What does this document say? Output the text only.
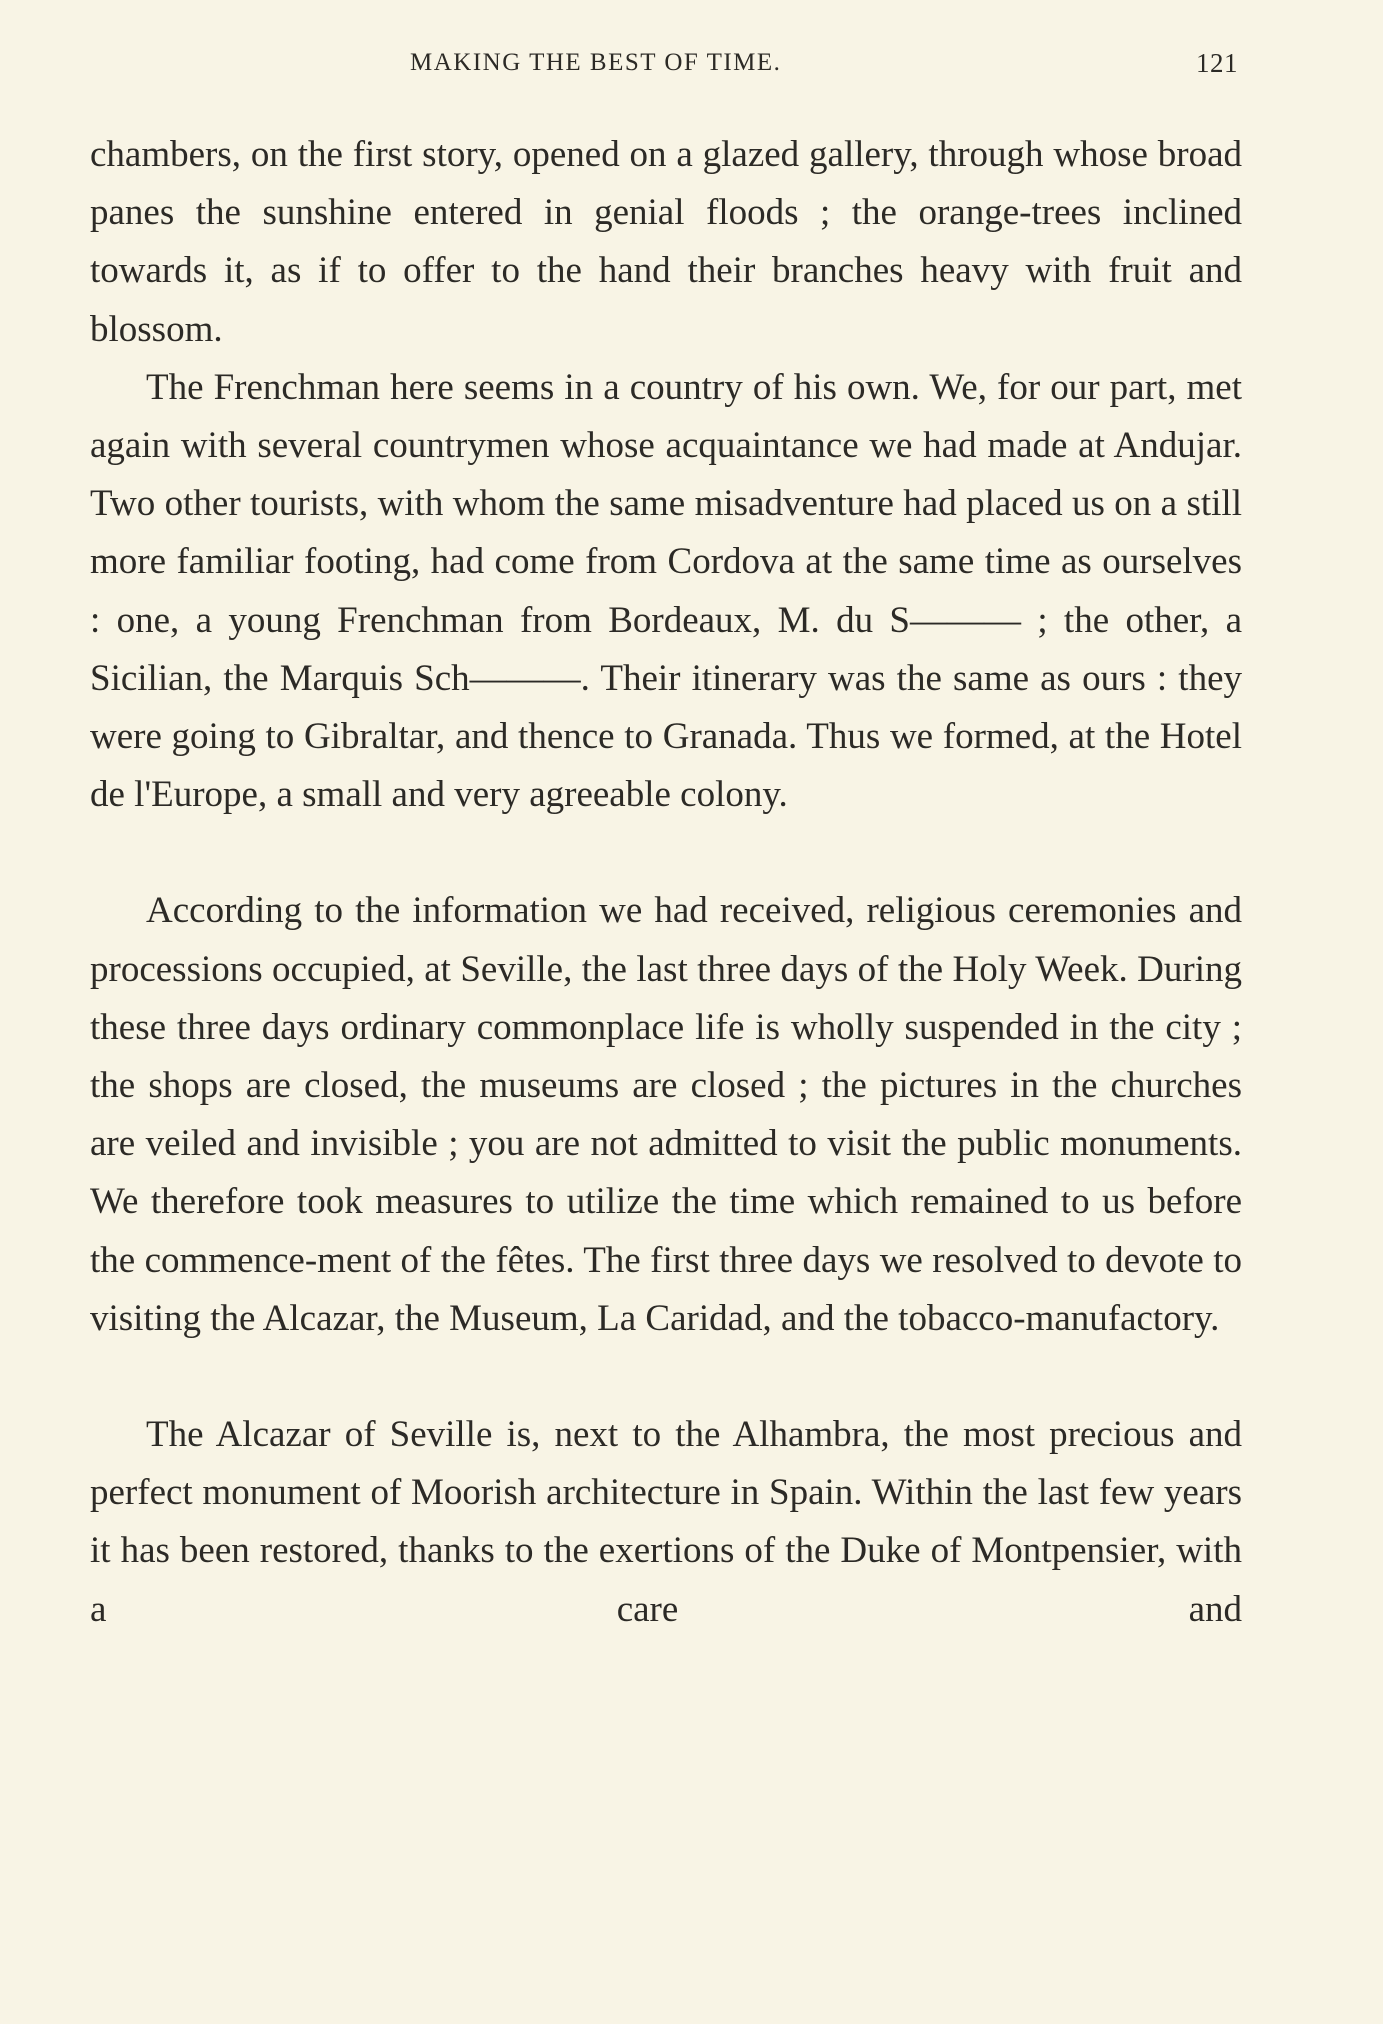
MAKING THE BEST OF TIME.	121

chambers, on the first story, opened on a glazed gallery, through whose broad panes the sunshine entered in genial floods ; the orange-trees inclined towards it, as if to offer to the hand their branches heavy with fruit and blossom.

The Frenchman here seems in a country of his own. We, for our part, met again with several countrymen whose acquaintance we had made at Andujar. Two other tourists, with whom the same misadventure had placed us on a still more familiar footing, had come from Cordova at the same time as ourselves : one, a young Frenchman from Bordeaux, M. du S——— ; the other, a Sicilian, the Marquis Sch———. Their itinerary was the same as ours : they were going to Gibraltar, and thence to Granada. Thus we formed, at the Hotel de l'Europe, a small and very agreeable colony.

According to the information we had received, religious ceremonies and processions occupied, at Seville, the last three days of the Holy Week. During these three days ordinary commonplace life is wholly suspended in the city ; the shops are closed, the museums are closed ; the pictures in the churches are veiled and invisible ; you are not admitted to visit the public monuments. We therefore took measures to utilize the time which remained to us before the commence-ment of the fêtes. The first three days we resolved to devote to visiting the Alcazar, the Museum, La Caridad, and the tobacco-manufactory.

The Alcazar of Seville is, next to the Alhambra, the most precious and perfect monument of Moorish architecture in Spain. Within the last few years it has been restored, thanks to the exertions of the Duke of Montpensier, with a care and
